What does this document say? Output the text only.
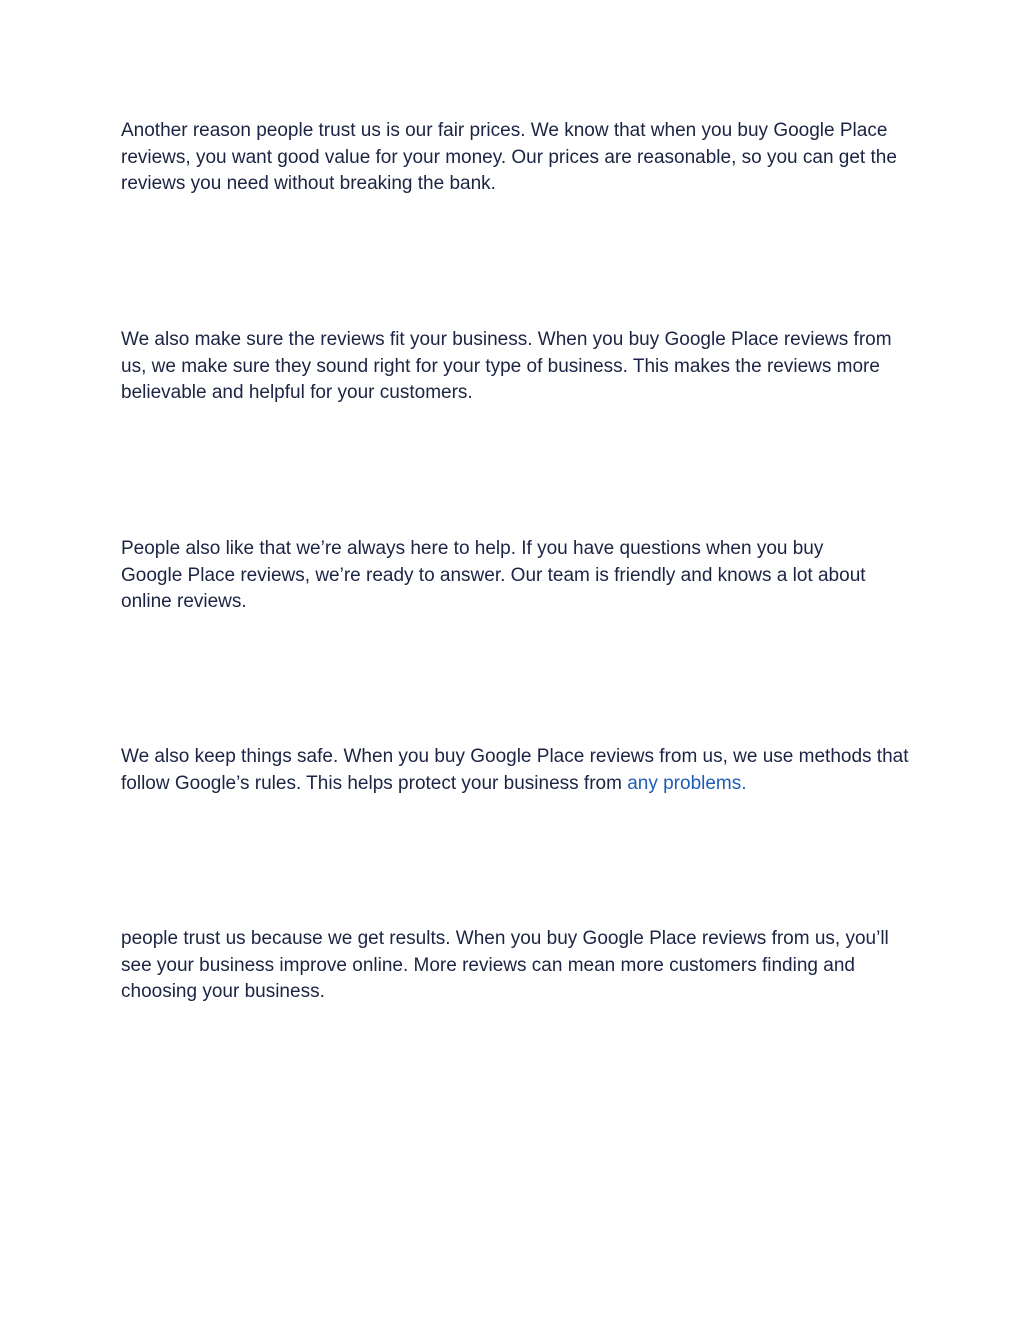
Another reason people trust us is our fair prices. We know that when you buy Google Place reviews, you want good value for your money. Our prices are reasonable, so you can get the reviews you need without breaking the bank.

We also make sure the reviews fit your business. When you buy Google Place reviews from us, we make sure they sound right for your type of business. This makes the reviews more believable and helpful for your customers.

People also like that we’re always here to help. If you have questions when you buy Google Place reviews, we’re ready to answer. Our team is friendly and knows a lot about online reviews.

We also keep things safe. When you buy Google Place reviews from us, we use methods that follow Google’s rules. This helps protect your business from any problems.

people trust us because we get results. When you buy Google Place reviews from us, you’ll see your business improve online. More reviews can mean more customers finding and choosing your business.
